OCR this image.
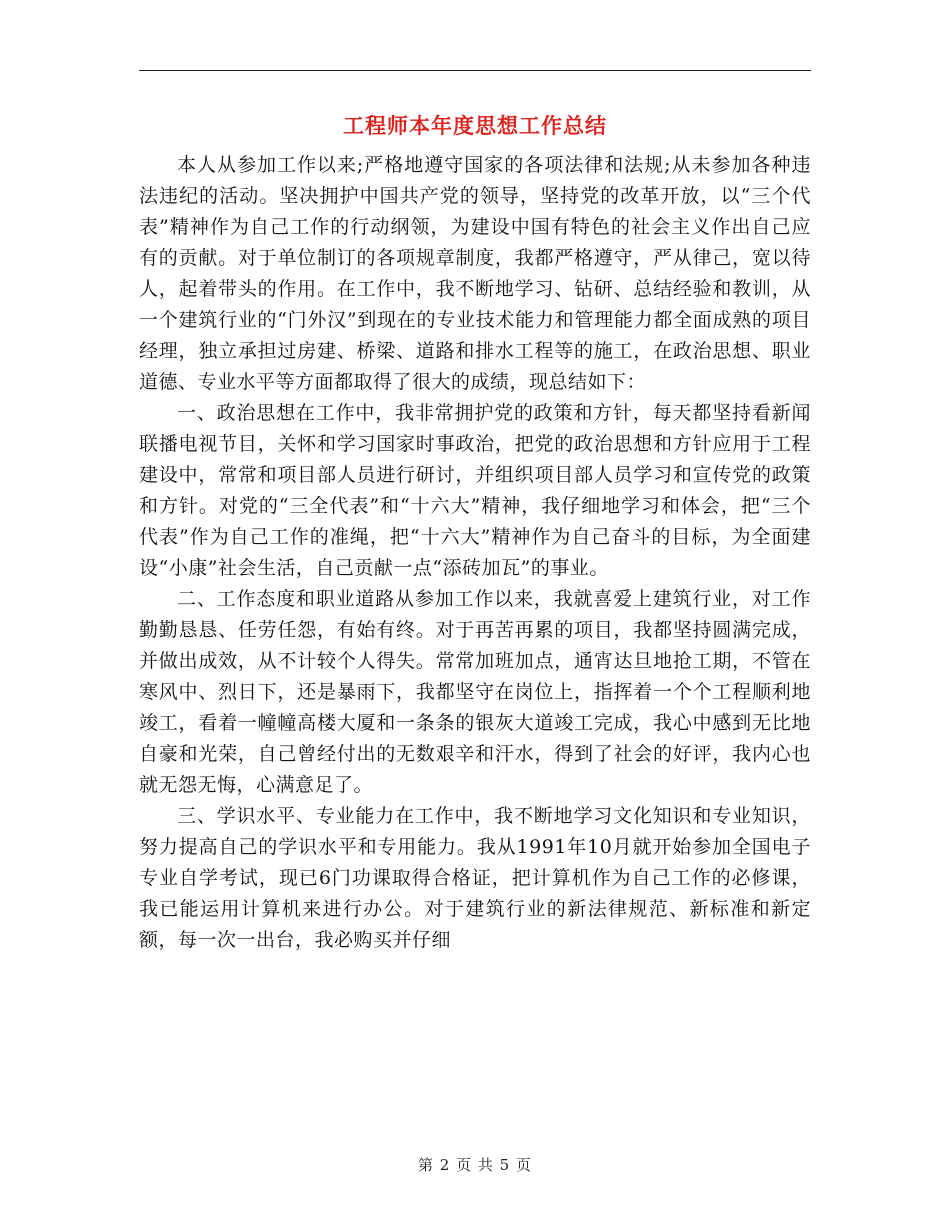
工程师本年度思想工作总结

本人从参加工作以来;严格地遵守国家的各项法律和法规;从未参加各种违法违纪的活动。坚决拥护中国共产党的领导，坚持党的改革开放，以“三个代表”精神作为自己工作的行动纲领，为建设中国有特色的社会主义作出自己应有的贡献。对于单位制订的各项规章制度，我都严格遵守，严从律己，宽以待人，起着带头的作用。在工作中，我不断地学习、钻研、总结经验和教训，从一个建筑行业的“门外汉”到现在的专业技术能力和管理能力都全面成熟的项目经理，独立承担过房建、桥梁、道路和排水工程等的施工，在政治思想、职业道德、专业水平等方面都取得了很大的成绩，现总结如下：

一、政治思想在工作中，我非常拥护党的政策和方针，每天都坚持看新闻联播电视节目，关怀和学习国家时事政治，把党的政治思想和方针应用于工程建设中，常常和项目部人员进行研讨，并组织项目部人员学习和宣传党的政策和方针。对党的“三全代表”和“十六大”精神，我仔细地学习和体会，把“三个代表”作为自己工作的准绳，把“十六大”精神作为自己奋斗的目标，为全面建设“小康”社会生活，自己贡献一点“添砖加瓦”的事业。

二、工作态度和职业道路从参加工作以来，我就喜爱上建筑行业，对工作勤勤恳恳、任劳任怨，有始有终。对于再苦再累的项目，我都坚持圆满完成，并做出成效，从不计较个人得失。常常加班加点，通宵达旦地抢工期，不管在寒风中、烈日下，还是暴雨下，我都坚守在岗位上，指挥着一个个工程顺利地竣工，看着一幢幢高楼大厦和一条条的银灰大道竣工完成，我心中感到无比地自豪和光荣，自己曾经付出的无数艰辛和汗水，得到了社会的好评，我内心也就无怨无悔，心满意足了。

三、学识水平、专业能力在工作中，我不断地学习文化知识和专业知识，努力提高自己的学识水平和专用能力。我从1991年10月就开始参加全国电子专业自学考试，现已6门功课取得合格证，把计算机作为自己工作的必修课，我已能运用计算机来进行办公。对于建筑行业的新法律规范、新标准和新定额，每一次一出台，我必购买并仔细

第 2 页 共 5 页
